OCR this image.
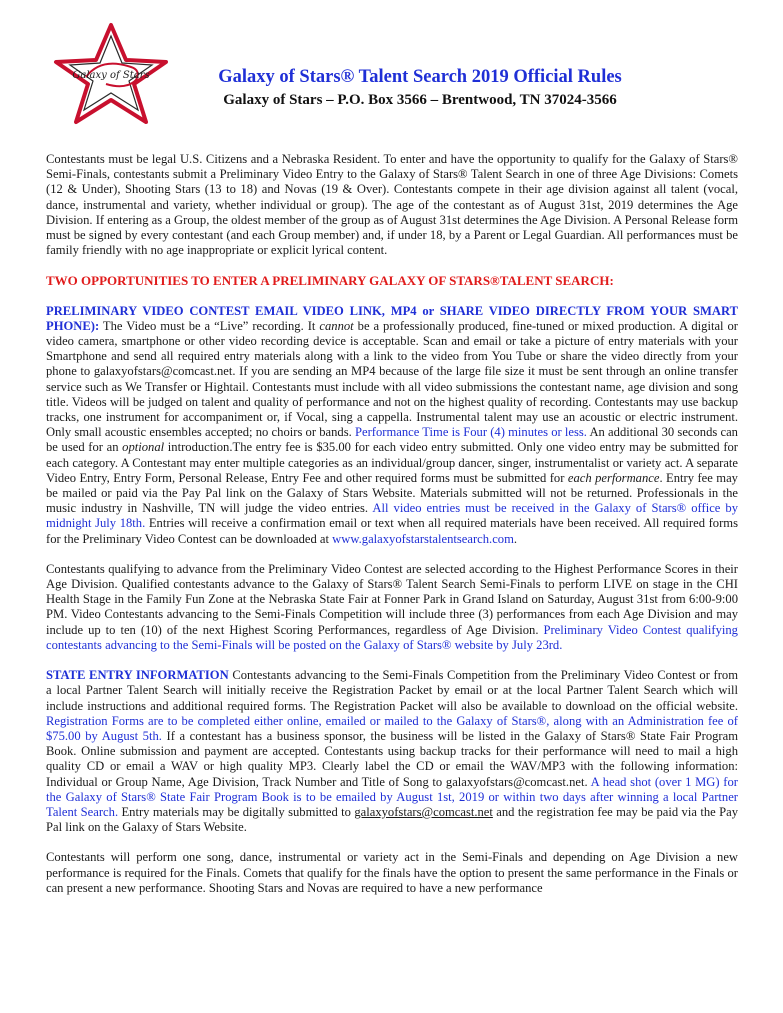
Galaxy of Stars	Galaxy of Stars® Talent Search 2019 Official Rules
Galaxy of Stars – P.O. Box 3566 – Brentwood, TN 37024-3566

Contestants must be legal U.S. Citizens and a Nebraska Resident. To enter and have the opportunity to qualify for the Galaxy of Stars® Semi-Finals, contestants submit a Preliminary Video Entry to the Galaxy of Stars® Talent Search in one of three Age Divisions: Comets (12 & Under), Shooting Stars (13 to 18) and Novas (19 & Over). Contestants compete in their age division against all talent (vocal, dance, instrumental and variety, whether individual or group). The age of the contestant as of August 31st, 2019 determines the Age Division. If entering as a Group, the oldest member of the group as of August 31st determines the Age Division. A Personal Release form must be signed by every contestant (and each Group member) and, if under 18, by a Parent or Legal Guardian. All performances must be family friendly with no age inappropriate or explicit lyrical content.

TWO OPPORTUNITIES TO ENTER A PRELIMINARY GALAXY OF STARS®TALENT SEARCH:

PRELIMINARY VIDEO CONTEST EMAIL VIDEO LINK, MP4 or SHARE VIDEO DIRECTLY FROM YOUR SMART PHONE): The Video must be a “Live” recording. It cannot be a professionally produced, fine-tuned or mixed production. A digital or video camera, smartphone or other video recording device is acceptable. Scan and email or take a picture of entry materials with your Smartphone and send all required entry materials along with a link to the video from You Tube or share the video directly from your phone to galaxyofstars@comcast.net. If you are sending an MP4 because of the large file size it must be sent through an online transfer service such as We Transfer or Hightail. Contestants must include with all video submissions the contestant name, age division and song title. Videos will be judged on talent and quality of performance and not on the highest quality of recording. Contestants may use backup tracks, one instrument for accompaniment or, if Vocal, sing a cappella. Instrumental talent may use an acoustic or electric instrument. Only small acoustic ensembles accepted; no choirs or bands. Performance Time is Four (4) minutes or less. An additional 30 seconds can be used for an optional introduction.The entry fee is $35.00 for each video entry submitted. Only one video entry may be submitted for each category. A Contestant may enter multiple categories as an individual/group dancer, singer, instrumentalist or variety act. A separate Video Entry, Entry Form, Personal Release, Entry Fee and other required forms must be submitted for each performance. Entry fee may be mailed or paid via the Pay Pal link on the Galaxy of Stars Website. Materials submitted will not be returned. Professionals in the music industry in Nashville, TN will judge the video entries. All video entries must be received in the Galaxy of Stars® office by midnight July 18th. Entries will receive a confirmation email or text when all required materials have been received. All required forms for the Preliminary Video Contest can be downloaded at www.galaxyofstarstalentsearch.com.

Contestants qualifying to advance from the Preliminary Video Contest are selected according to the Highest Performance Scores in their Age Division. Qualified contestants advance to the Galaxy of Stars® Talent Search Semi-Finals to perform LIVE on stage in the CHI Health Stage in the Family Fun Zone at the Nebraska State Fair at Fonner Park in Grand Island on Saturday, August 31st from 6:00-9:00 PM. Video Contestants advancing to the Semi-Finals Competition will include three (3) performances from each Age Division and may include up to ten (10) of the next Highest Scoring Performances, regardless of Age Division. Preliminary Video Contest qualifying contestants advancing to the Semi-Finals will be posted on the Galaxy of Stars® website by July 23rd.

STATE ENTRY INFORMATION Contestants advancing to the Semi-Finals Competition from the Preliminary Video Contest or from a local Partner Talent Search will initially receive the Registration Packet by email or at the local Partner Talent Search which will include instructions and additional required forms. The Registration Packet will also be available to download on the official website. Registration Forms are to be completed either online, emailed or mailed to the Galaxy of Stars®, along with an Administration fee of $75.00 by August 5th. If a contestant has a business sponsor, the business will be listed in the Galaxy of Stars® State Fair Program Book. Online submission and payment are accepted. Contestants using backup tracks for their performance will need to mail a high quality CD or email a WAV or high quality MP3. Clearly label the CD or email the WAV/MP3 with the following information: Individual or Group Name, Age Division, Track Number and Title of Song to galaxyofstars@comcast.net. A head shot (over 1 MG) for the Galaxy of Stars® State Fair Program Book is to be emailed by August 1st, 2019 or within two days after winning a local Partner Talent Search. Entry materials may be digitally submitted to galaxyofstars@comcast.net and the registration fee may be paid via the Pay Pal link on the Galaxy of Stars Website.

Contestants will perform one song, dance, instrumental or variety act in the Semi-Finals and depending on Age Division a new performance is required for the Finals. Comets that qualify for the finals have the option to present the same performance in the Finals or can present a new performance. Shooting Stars and Novas are required to have a new performance
